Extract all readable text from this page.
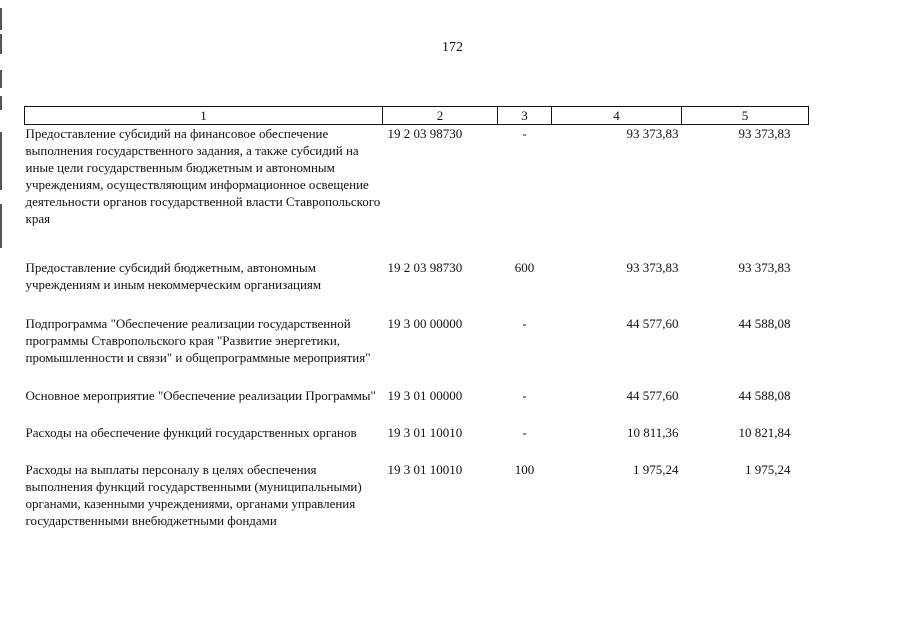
172
1	2	3	4	5
Предоставление субсидий на финансовое обеспечение выполнения государственного задания, а также субсидий на иные цели государственным бюджетным и автономным учреждениям, осуществляющим информационное освещение деятельности органов государственной власти Ставропольского края	19 2 03 98730	-	93 373,83	93 373,83
Предоставление субсидий бюджетным, автономным учреждениям и иным некоммерческим организациям	19 2 03 98730	600	93 373,83	93 373,83
Подпрограмма "Обеспечение реализации государственной программы Ставропольского края "Развитие энергетики, промышленности и связи" и общепрограммные мероприятия"	19 3 00 00000	-	44 577,60	44 588,08
Основное мероприятие "Обеспечение реализации Программы"	19 3 01 00000	-	44 577,60	44 588,08
Расходы на обеспечение функций государственных органов	19 3 01 10010	-	10 811,36	10 821,84
Расходы на выплаты персоналу в целях обеспечения выполнения функций государственными (муниципальными) органами, казенными учреждениями, органами управления государственными внебюджетными фондами	19 3 01 10010	100	1 975,24	1 975,24
